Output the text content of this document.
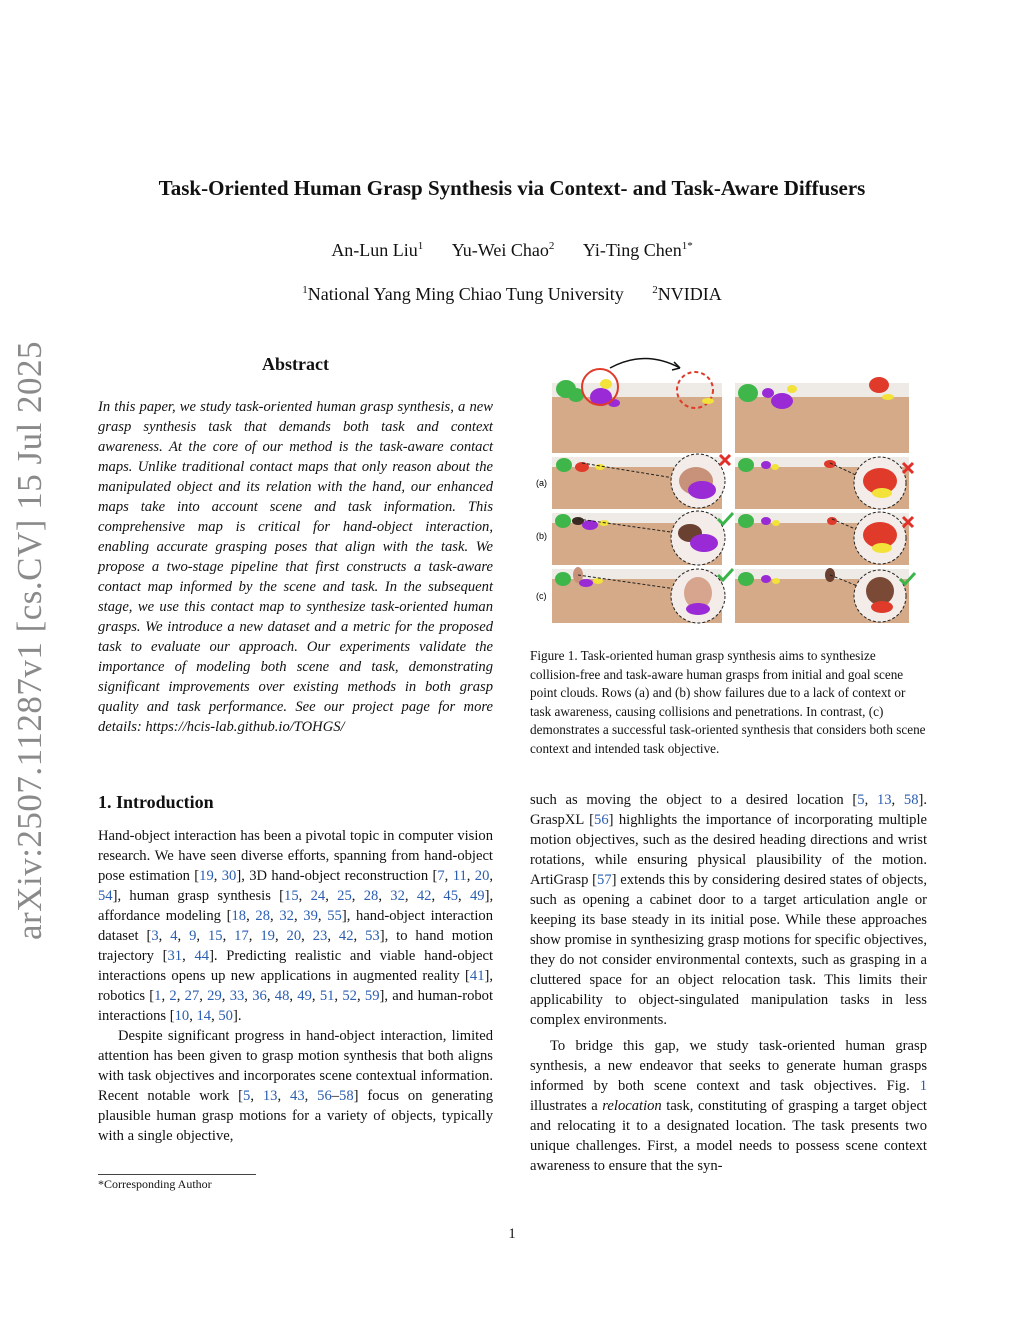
arXiv:2507.11287v1 [cs.CV] 15 Jul 2025
Task-Oriented Human Grasp Synthesis via Context- and Task-Aware Diffusers
An-Lun Liu$^1$ Yu-Wei Chao$^2$ Yi-Ting Chen$^{1*}$
$^1$National Yang Ming Chiao Tung University	$^2$NVIDIA
Abstract
In this paper, we study task-oriented human grasp synthesis, a new grasp synthesis task that demands both task and context awareness. At the core of our method is the task-aware contact maps. Unlike traditional contact maps that only reason about the manipulated object and its relation with the hand, our enhanced maps take into account scene and task information. This comprehensive map is critical for hand-object interaction, enabling accurate grasping poses that align with the task. We propose a two-stage pipeline that first constructs a task-aware contact map informed by the scene and task. In the subsequent stage, we use this contact map to synthesize task-oriented human grasps. We introduce a new dataset and a metric for the proposed task to evaluate our approach. Our experiments validate the importance of modeling both scene and task, demonstrating significant improvements over existing methods in both grasp quality and task performance. See our project page for more details: https://hcis-lab.github.io/TOHGS/
(a)
(b)
(c)
Figure 1. Task-oriented human grasp synthesis aims to synthesize collision-free and task-aware human grasps from initial and goal scene point clouds. Rows (a) and (b) show failures due to a lack of context or task awareness, causing collisions and penetrations. In contrast, (c) demonstrates a successful task-oriented synthesis that considers both scene context and intended task objective.
1. Introduction

Hand-object interaction has been a pivotal topic in computer vision research. We have seen diverse efforts, spanning from hand-object pose estimation [19, 30], 3D hand-object reconstruction [7, 11, 20, 54], human grasp synthesis [15, 24, 25, 28, 32, 42, 45, 49], affordance modeling [18, 28, 32, 39, 55], hand-object interaction dataset [3, 4, 9, 15, 17, 19, 20, 23, 42, 53], to hand motion trajectory [31, 44]. Predicting realistic and viable hand-object interactions opens up new applications in augmented reality [41], robotics [1, 2, 27, 29, 33, 36, 48, 49, 51, 52, 59], and human-robot interactions [10, 14, 50].

Despite significant progress in hand-object interaction, limited attention has been given to grasp motion synthesis that both aligns with task objectives and incorporates scene contextual information. Recent notable work [5, 13, 43, 56–58] focus on generating plausible human grasp motions for a variety of objects, typically with a single objective,

such as moving the object to a desired location [5, 13, 58]. GraspXL [56] highlights the importance of incorporating multiple motion objectives, such as the desired heading directions and wrist rotations, while ensuring physical plausibility of the motion. ArtiGrasp [57] extends this by considering desired states of objects, such as opening a cabinet door to a target articulation angle or keeping its base steady in its initial pose. While these approaches show promise in synthesizing grasp motions for specific objectives, they do not consider environmental contexts, such as grasping in a cluttered space for an object relocation task. This limits their applicability to object-singulated manipulation tasks in less complex environments.

To bridge this gap, we study task-oriented human grasp synthesis, a new endeavor that seeks to generate human grasps informed by both scene context and task objectives. Fig. 1 illustrates a relocation task, constituting of grasping a target object and relocating it to a designated location. The task presents two unique challenges. First, a model needs to possess scene context awareness to ensure that the syn-

*Corresponding Author
1
